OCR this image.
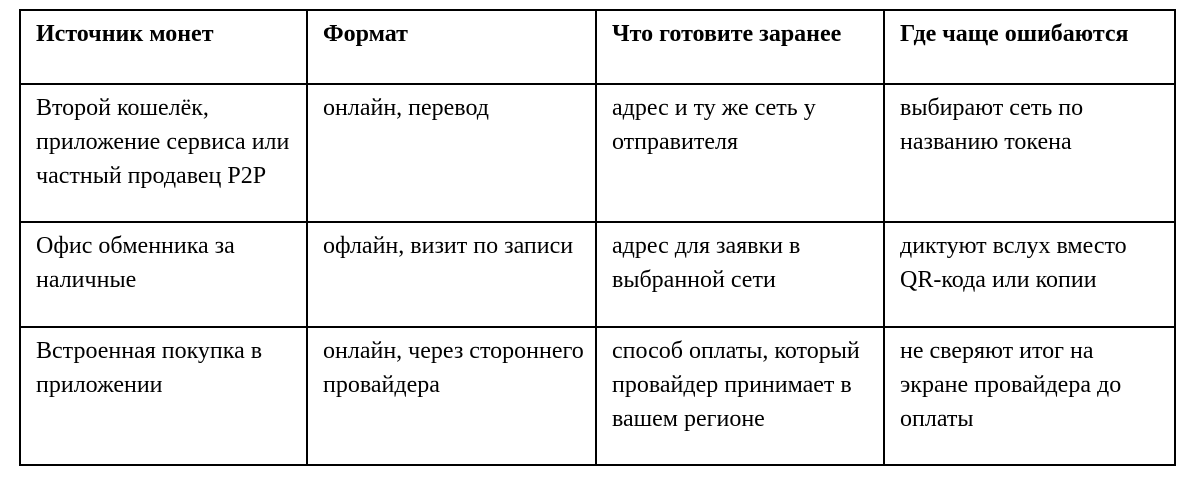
Источник монет	Формат	Что готовите заранее	Где чаще ошибаются
Второй кошелёк, приложение сервиса или частный продавец P2P	онлайн, перевод	адрес и ту же сеть у отправителя	выбирают сеть по названию токена
Офис обменника за наличные	офлайн, визит по записи	адрес для заявки в выбранной сети	диктуют вслух вместо QR-кода или копии
Встроенная покупка в приложении	онлайн, через стороннего провайдера	способ оплаты, который провайдер принимает в вашем регионе	не сверяют итог на экране провайдера до оплаты
